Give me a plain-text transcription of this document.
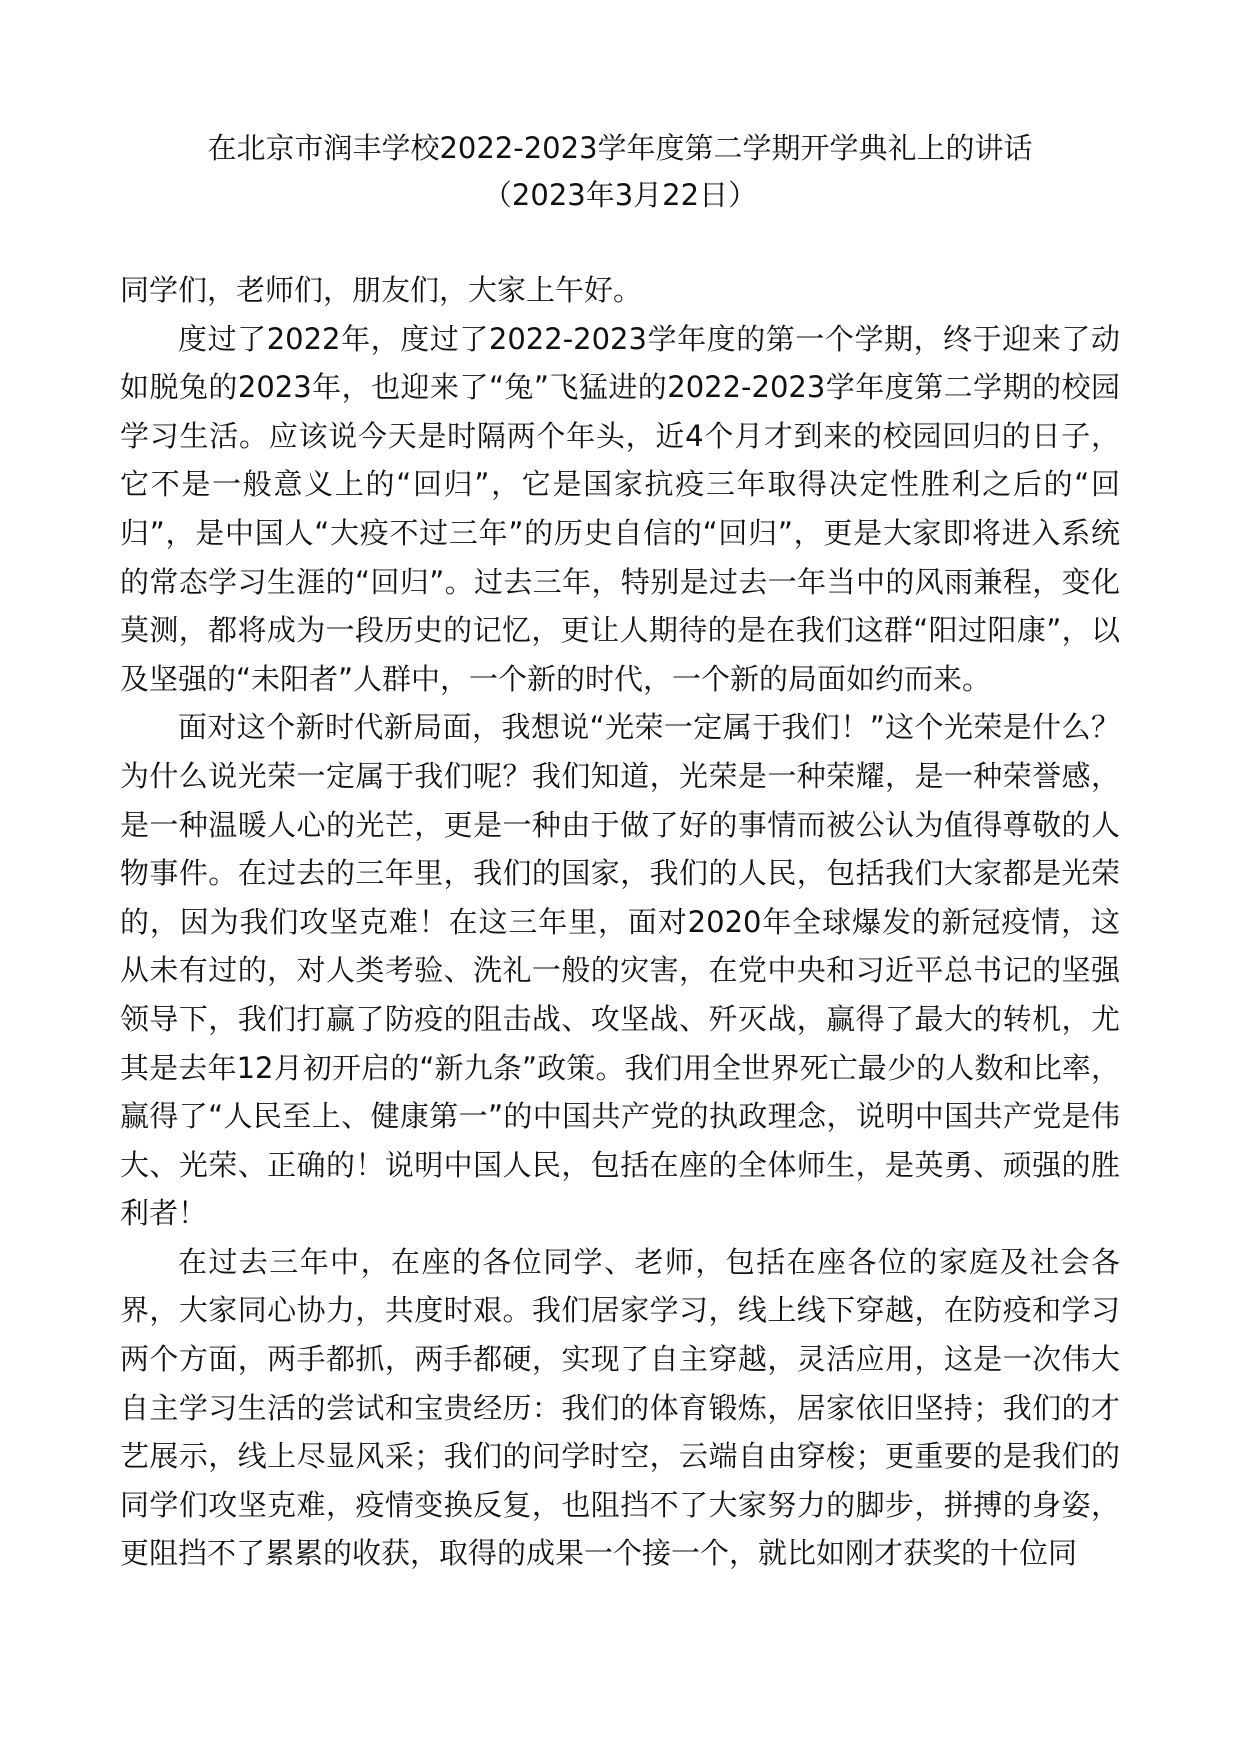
在北京市润丰学校2022-2023学年度第二学期开学典礼上的讲话
（2023年3月22日）

同学们，老师们，朋友们，大家上午好。

度过了2022年，度过了2022-2023学年度的第一个学期，终于迎来了动如脱兔的2023年，也迎来了“兔”飞猛进的2022-2023学年度第二学期的校园学习生活。应该说今天是时隔两个年头，近4个月才到来的校园回归的日子，它不是一般意义上的“回归”，它是国家抗疫三年取得决定性胜利之后的“回归”，是中国人“大疫不过三年”的历史自信的“回归”，更是大家即将进入系统的常态学习生涯的“回归”。过去三年，特别是过去一年当中的风雨兼程，变化莫测，都将成为一段历史的记忆，更让人期待的是在我们这群“阳过阳康”，以及坚强的“未阳者”人群中，一个新的时代，一个新的局面如约而来。

面对这个新时代新局面，我想说“光荣一定属于我们！”这个光荣是什么？为什么说光荣一定属于我们呢？我们知道，光荣是一种荣耀，是一种荣誉感，是一种温暖人心的光芒，更是一种由于做了好的事情而被公认为值得尊敬的人物事件。在过去的三年里，我们的国家，我们的人民，包括我们大家都是光荣的，因为我们攻坚克难！在这三年里，面对2020年全球爆发的新冠疫情，这从未有过的，对人类考验、洗礼一般的灾害，在党中央和习近平总书记的坚强领导下，我们打赢了防疫的阻击战、攻坚战、歼灭战，赢得了最大的转机，尤其是去年12月初开启的“新九条”政策。我们用全世界死亡最少的人数和比率，赢得了“人民至上、健康第一”的中国共产党的执政理念，说明中国共产党是伟大、光荣、正确的！说明中国人民，包括在座的全体师生，是英勇、顽强的胜利者！

在过去三年中，在座的各位同学、老师，包括在座各位的家庭及社会各界，大家同心协力，共度时艰。我们居家学习，线上线下穿越，在防疫和学习两个方面，两手都抓，两手都硬，实现了自主穿越，灵活应用，这是一次伟大自主学习生活的尝试和宝贵经历：我们的体育锻炼，居家依旧坚持；我们的才艺展示，线上尽显风采；我们的问学时空，云端自由穿梭；更重要的是我们的同学们攻坚克难，疫情变换反复，也阻挡不了大家努力的脚步，拼搏的身姿，更阻挡不了累累的收获，取得的成果一个接一个，就比如刚才获奖的十位同
